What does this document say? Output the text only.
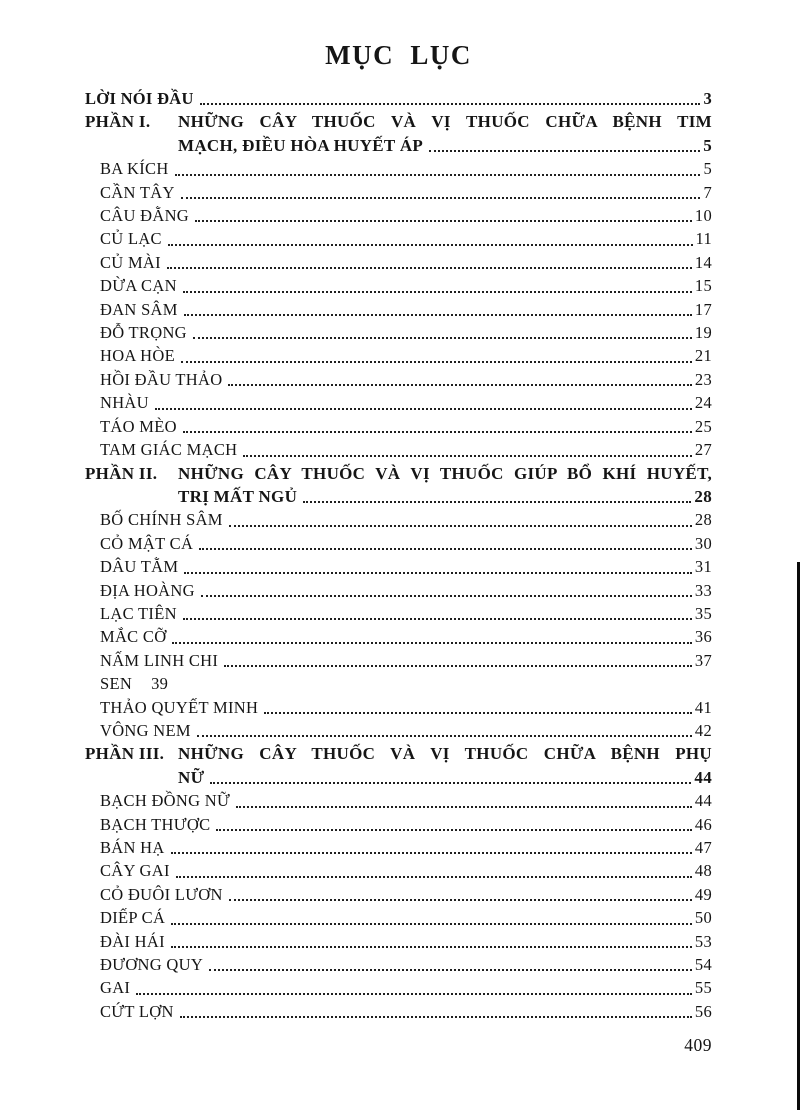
MỤC LỤC
LỜI NÓI ĐẦU	3
PHẦN I.	NHỮNG CÂY THUỐC VÀ VỊ THUỐC CHỮA BỆNH TIM
MẠCH, ĐIỀU HÒA HUYẾT ÁP	5
BA KÍCH	5
CẦN TÂY	7
CÂU ĐẰNG	10
CỦ LẠC	11
CỦ MÀI	14
DỪA CẠN	15
ĐAN SÂM	17
ĐỖ TRỌNG	19
HOA HÒE	21
HỒI ĐẦU THẢO	23
NHÀU	24
TÁO MÈO	25
TAM GIÁC MẠCH	27
PHẦN II.	NHỮNG CÂY THUỐC VÀ VỊ THUỐC GIÚP BỔ KHÍ HUYẾT,
TRỊ MẤT NGỦ	28
BỐ CHÍNH SÂM	28
CỎ MẬT CÁ	30
DÂU TẰM	31
ĐỊA HOÀNG	33
LẠC TIÊN	35
MẮC CỠ	36
NẤM LINH CHI	37
SEN 39
THẢO QUYẾT MINH	41
VÔNG NEM	42
PHẦN III. NHỮNG CÂY THUỐC VÀ VỊ THUỐC CHỮA BỆNH PHỤ
NỮ	44
BẠCH ĐỒNG NỮ	44
BẠCH THƯỢC	46
BÁN HẠ	47
CÂY GAI	48
CỎ ĐUÔI LƯƠN	49
DIẾP CÁ	50
ĐÀI HÁI	53
ĐƯƠNG QUY	54
GAI	55
CỨT LỢN	56
409
